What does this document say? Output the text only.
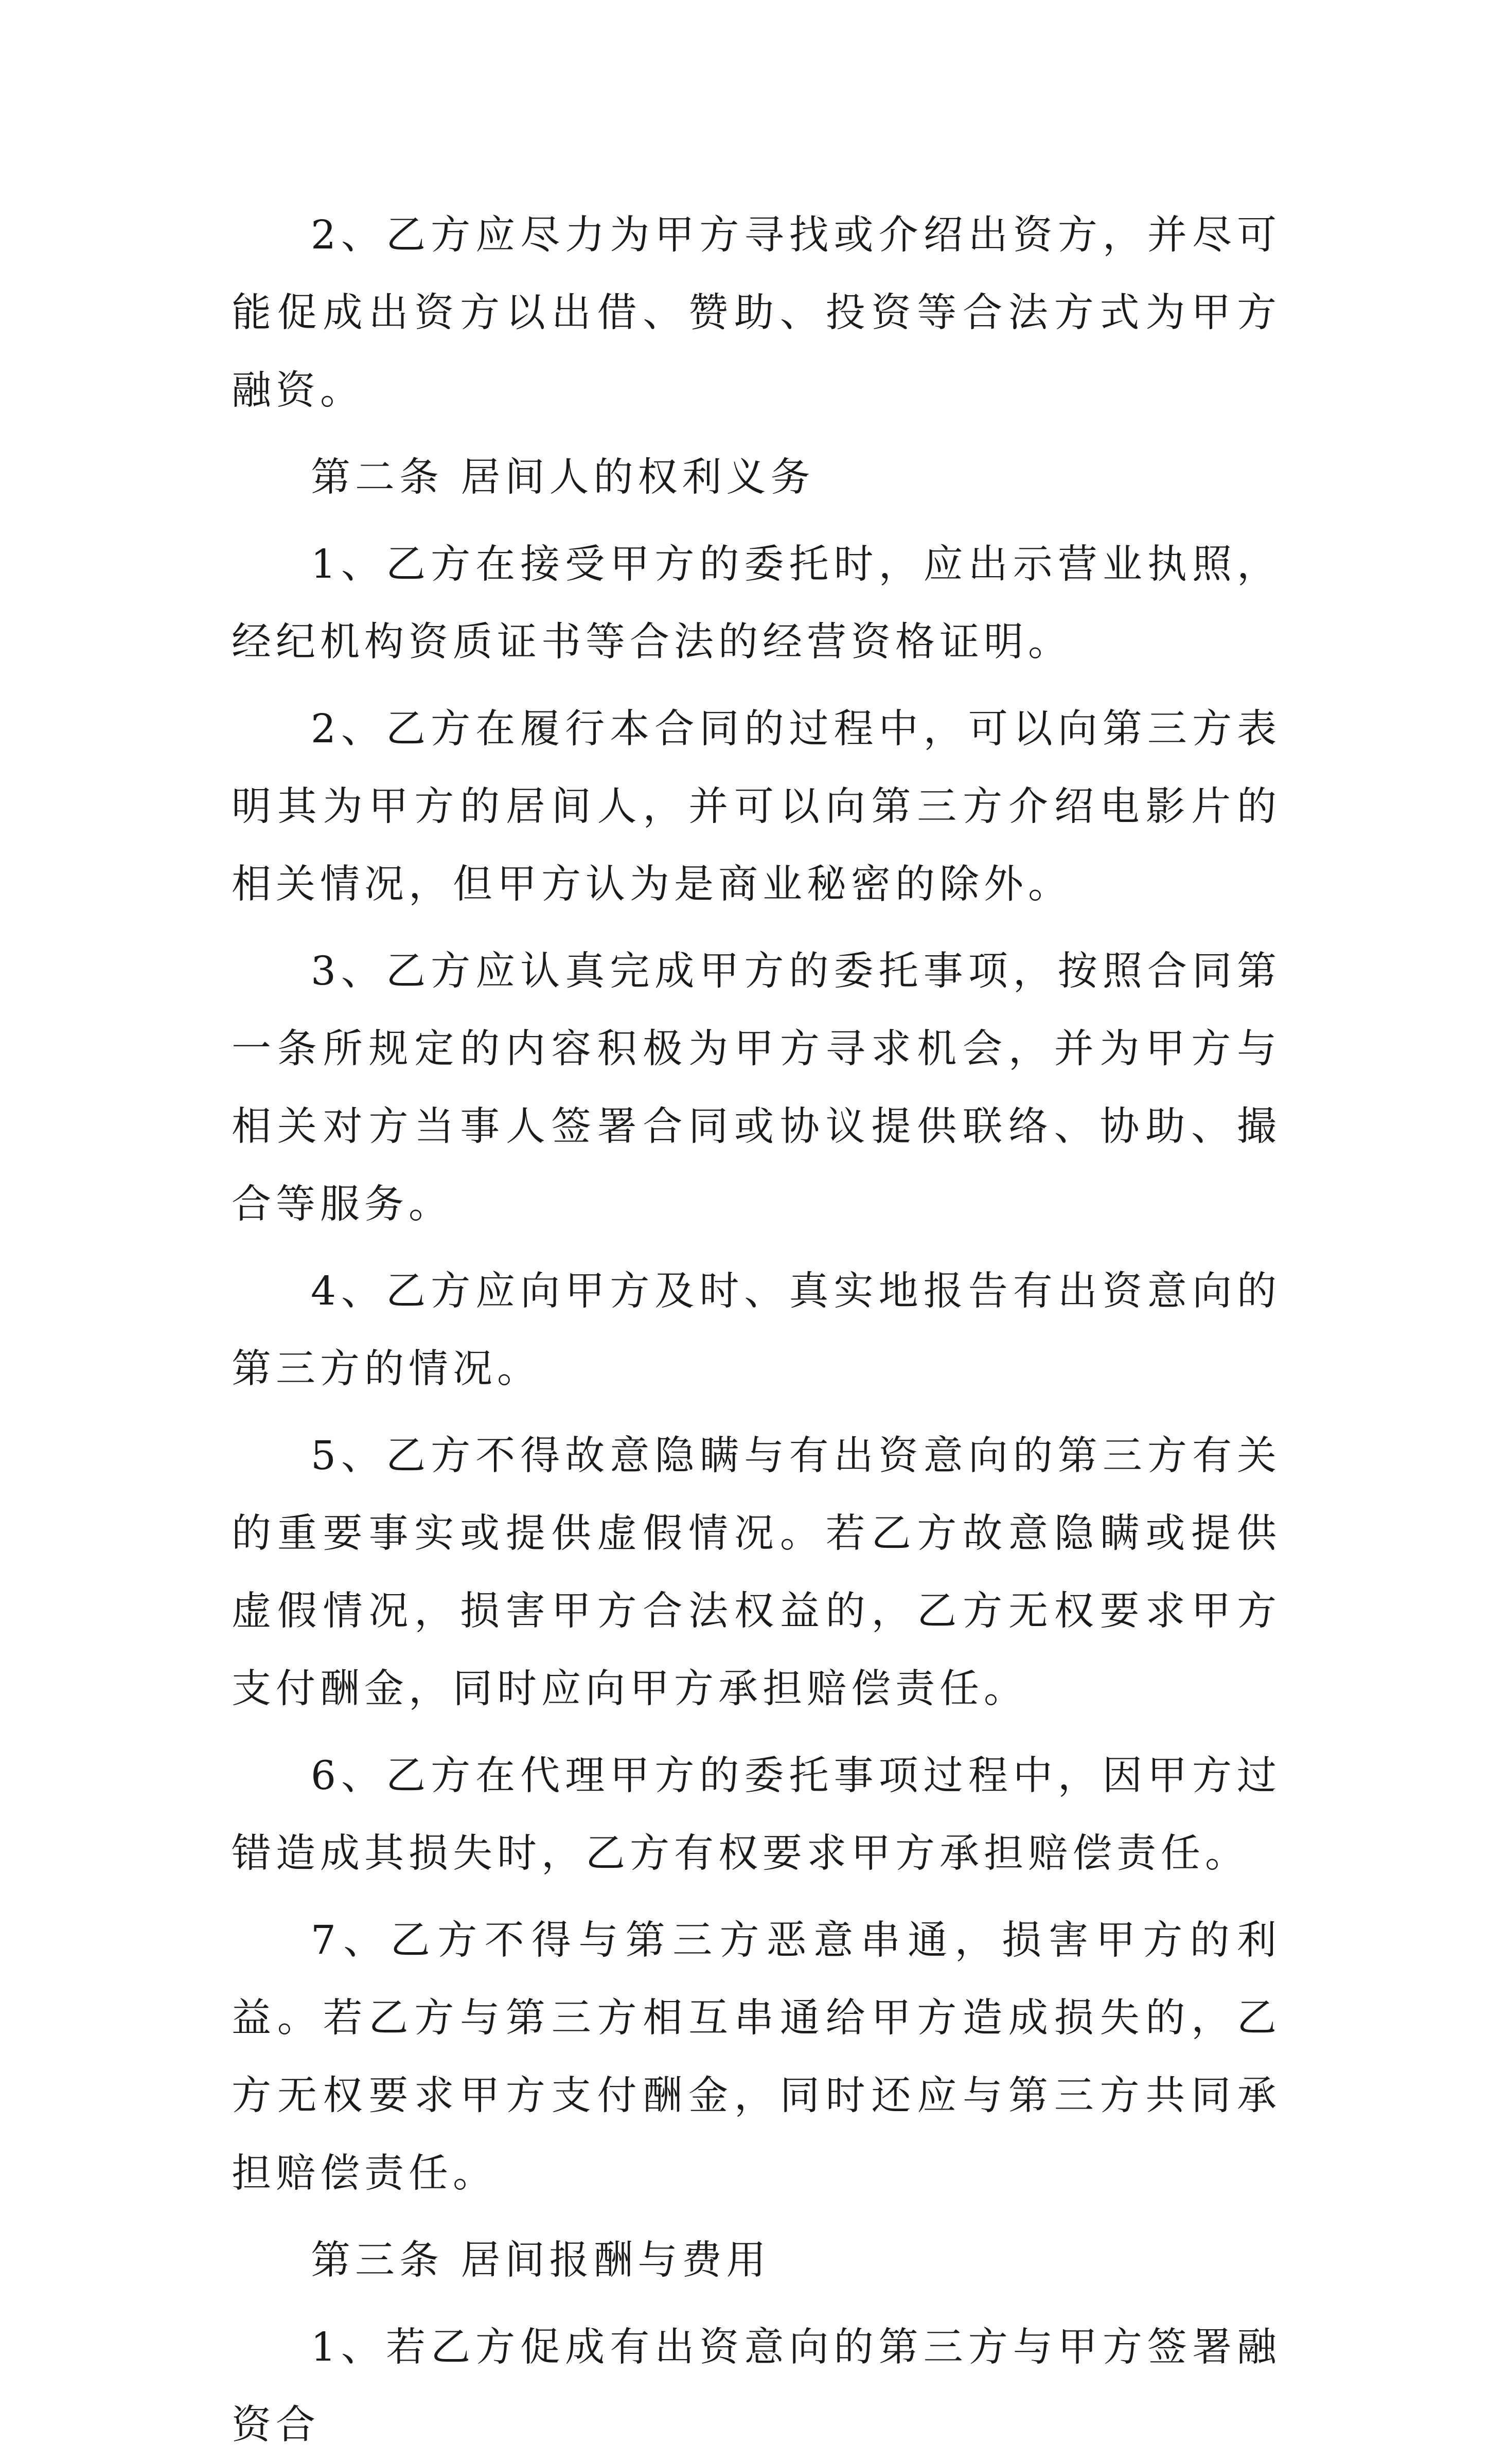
2、乙方应尽力为甲方寻找或介绍出资方，并尽可能促成出资方以出借、赞助、投资等合法方式为甲方融资。

第二条 居间人的权利义务

1、乙方在接受甲方的委托时，应出示营业执照，经纪机构资质证书等合法的经营资格证明。

2、乙方在履行本合同的过程中，可以向第三方表明其为甲方的居间人，并可以向第三方介绍电影片的相关情况，但甲方认为是商业秘密的除外。

3、乙方应认真完成甲方的委托事项，按照合同第一条所规定的内容积极为甲方寻求机会，并为甲方与相关对方当事人签署合同或协议提供联络、协助、撮合等服务。

4、乙方应向甲方及时、真实地报告有出资意向的第三方的情况。

5、乙方不得故意隐瞒与有出资意向的第三方有关的重要事实或提供虚假情况。若乙方故意隐瞒或提供虚假情况，损害甲方合法权益的，乙方无权要求甲方支付酬金，同时应向甲方承担赔偿责任。

6、乙方在代理甲方的委托事项过程中，因甲方过错造成其损失时，乙方有权要求甲方承担赔偿责任。

7、乙方不得与第三方恶意串通，损害甲方的利益。若乙方与第三方相互串通给甲方造成损失的，乙方无权要求甲方支付酬金，同时还应与第三方共同承担赔偿责任。

第三条 居间报酬与费用

1、若乙方促成有出资意向的第三方与甲方签署融资合
